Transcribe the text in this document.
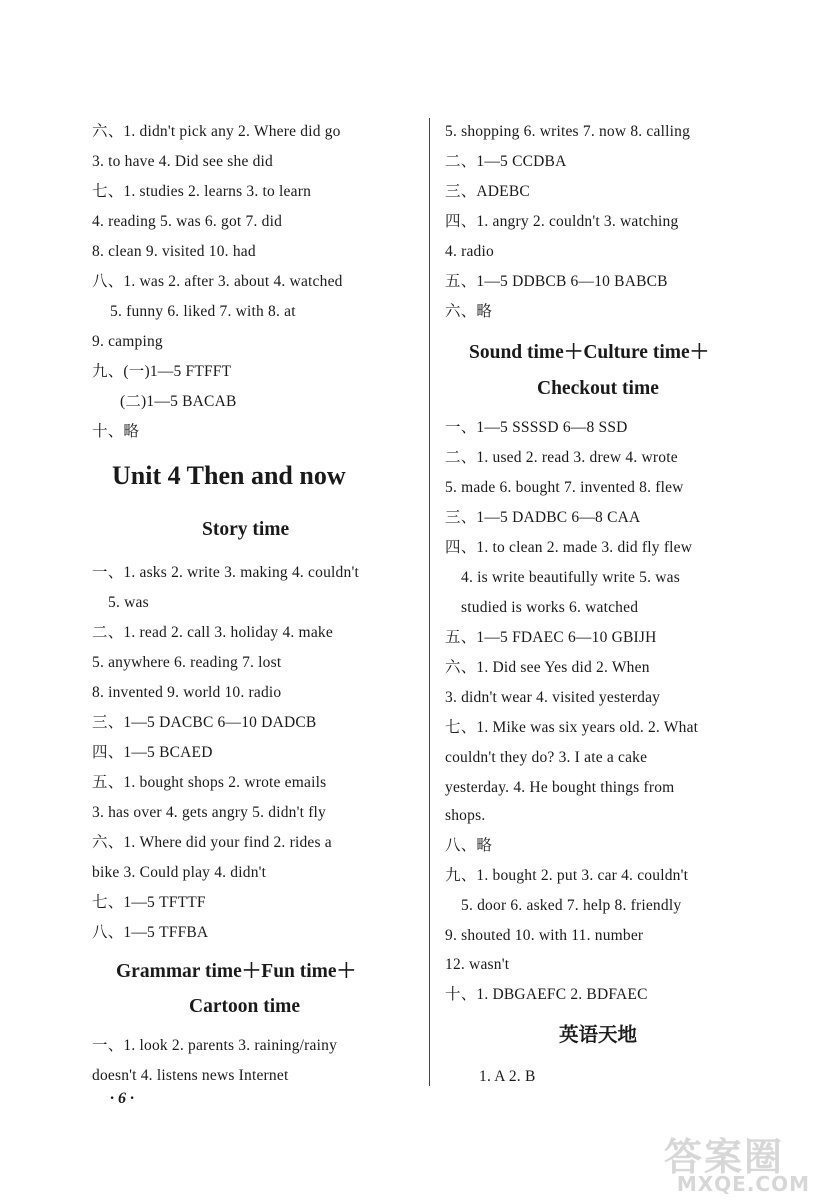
六、1. didn't pick any 2. Where did go
3. to have 4. Did see she did
七、1. studies 2. learns 3. to learn
4. reading 5. was 6. got 7. did
8. clean 9. visited 10. had
八、1. was 2. after 3. about 4. watched
5. funny 6. liked 7. with 8. at
9. camping
九、(一)1—5 FTFFT
(二)1—5 BACAB
十、略
Unit 4 Then and now
Story time
一、1. asks 2. write 3. making 4. couldn't
5. was
二、1. read 2. call 3. holiday 4. make
5. anywhere 6. reading 7. lost
8. invented 9. world 10. radio
三、1—5 DACBC 6—10 DADCB
四、1—5 BCAED
五、1. bought shops 2. wrote emails
3. has over 4. gets angry 5. didn't fly
六、1. Where did your find 2. rides a
bike 3. Could play 4. didn't
七、1—5 TFTTF
八、1—5 TFFBA
Grammar time＋Fun time＋
Cartoon time
一、1. look 2. parents 3. raining/rainy
doesn't 4. listens news Internet
5. shopping 6. writes 7. now 8. calling
二、1—5 CCDBA
三、ADEBC
四、1. angry 2. couldn't 3. watching
4. radio
五、1—5 DDBCB 6—10 BABCB
六、略
Sound time＋Culture time＋
Checkout time
一、1—5 SSSSD 6—8 SSD
二、1. used 2. read 3. drew 4. wrote
5. made 6. bought 7. invented 8. flew
三、1—5 DADBC 6—8 CAA
四、1. to clean 2. made 3. did fly flew
4. is write beautifully write 5. was
studied is works 6. watched
五、1—5 FDAEC 6—10 GBIJH
六、1. Did see Yes did 2. When
3. didn't wear 4. visited yesterday
七、1. Mike was six years old. 2. What
couldn't they do? 3. I ate a cake
yesterday. 4. He bought things from
shops.
八、略
九、1. bought 2. put 3. car 4. couldn't
5. door 6. asked 7. help 8. friendly
9. shouted 10. with 11. number
12. wasn't
十、1. DBGAEFC 2. BDFAEC
英语天地
1. A 2. B
· 6 ·
答案圈
MXQE.COM
